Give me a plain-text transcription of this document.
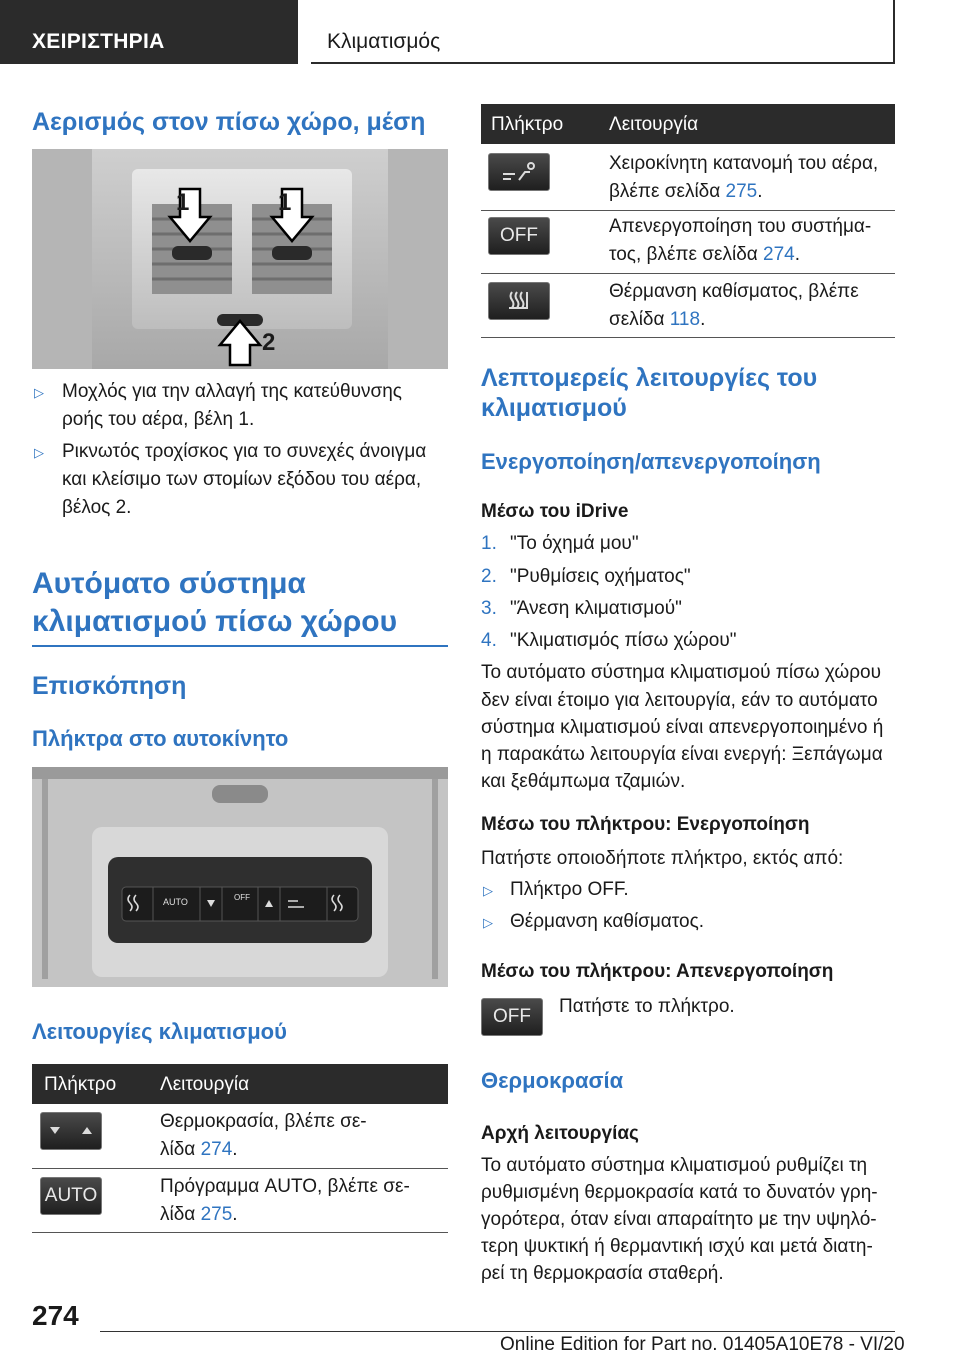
ΧΕΙΡΙΣΤΗΡΙΑ	Κλιματισμός
Αερισμός στον πίσω χώρο, μέση
1	1
2
▷ Μοχλός για την αλλαγή της κατεύθυνσης
ροής του αέρα, βέλη 1.
▷ Ρικνωτός τροχίσκος για το συνεχές άνοιγμα
και κλείσιμο των στομίων εξόδου του αέρα,
βέλος 2.
Αυτόματο σύστημα
κλιματισμού πίσω χώρου
Επισκόπηση
Πλήκτρα στο αυτοκίνητο
AUTO	OFF
Λειτουργίες κλιματισμού
Πλήκτρο Λειτουργία
Θερμοκρασία, βλέπε σε-
λίδα 274.
AUTO	Πρόγραμμα AUTO, βλέπε σε-
λίδα 275.
Πλήκτρο Λειτουργία
Χειροκίνητη κατανομή του αέρα,
βλέπε σελίδα 275.
OFF	Απενεργοποίηση του συστήμα-
τος, βλέπε σελίδα 274.
Θέρμανση καθίσματος, βλέπε
σελίδα 118.
Λεπτομερείς λειτουργίες του
κλιματισμού
Ενεργοποίηση/απενεργοποίηση
Μέσω του iDrive
1. "Το όχημά μου"
2. "Ρυθμίσεις οχήματος"
3. "Άνεση κλιματισμού"
4. "Κλιματισμός πίσω χώρου"
Το αυτόματο σύστημα κλιματισμού πίσω χώρου
δεν είναι έτοιμο για λειτουργία, εάν το αυτόματο
σύστημα κλιματισμού είναι απενεργοποιημένο ή
η παρακάτω λειτουργία είναι ενεργή: Ξεπάγωμα
και ξεθάμπωμα τζαμιών.
Μέσω του πλήκτρου: Ενεργοποίηση
Πατήστε οποιοδήποτε πλήκτρο, εκτός από:
▷ Πλήκτρο OFF.
▷ Θέρμανση καθίσματος.
Μέσω του πλήκτρου: Απενεργοποίηση
OFF Πατήστε το πλήκτρο.
Θερμοκρασία
Αρχή λειτουργίας
Το αυτόματο σύστημα κλιματισμού ρυθμίζει τη
ρυθμισμένη θερμοκρασία κατά το δυνατόν γρη-
γορότερα, όταν είναι απαραίτητο με την υψηλό-
τερη ψυκτική ή θερμαντική ισχύ και μετά διατη-
ρεί τη θερμοκρασία σταθερή.
274
Online Edition for Part no. 01405A10E78 - VI/20
